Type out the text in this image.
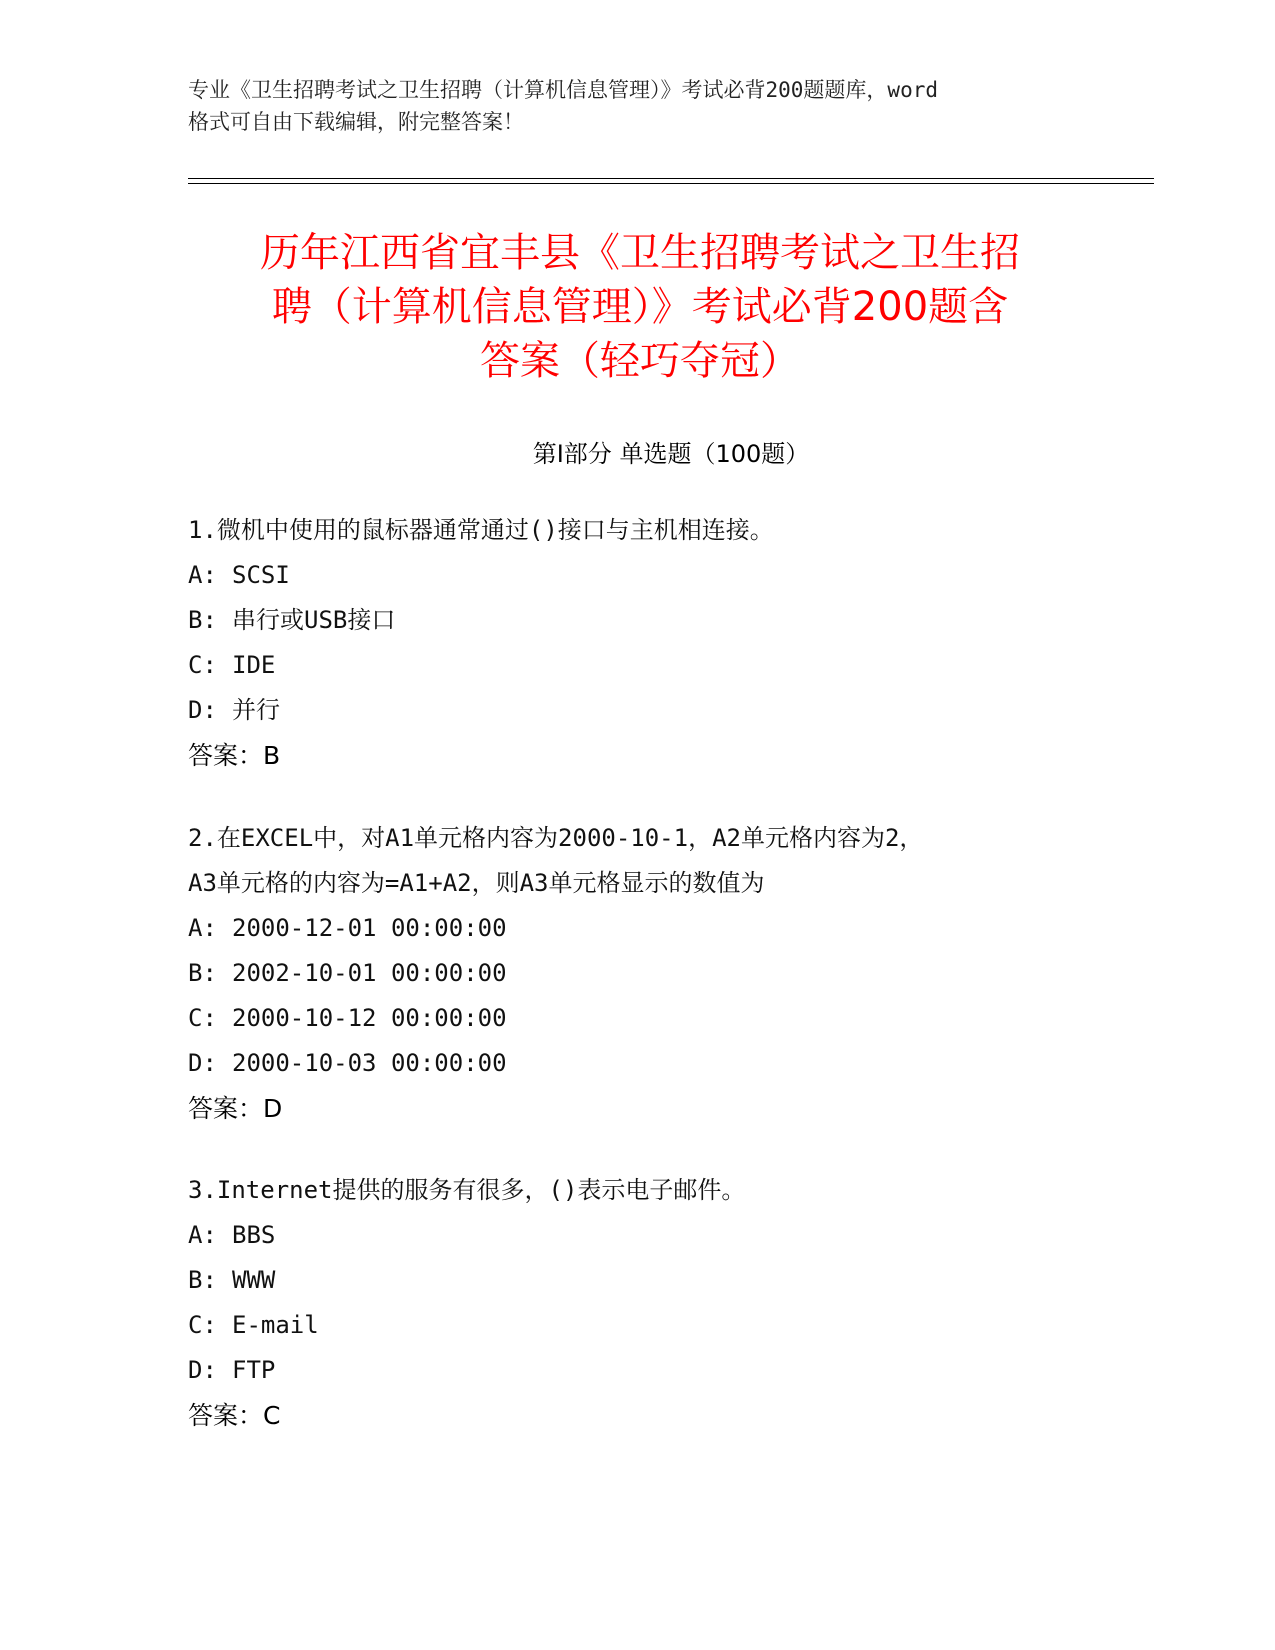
专业《卫生招聘考试之卫生招聘（计算机信息管理）》考试必背200题题库，word
格式可自由下载编辑，附完整答案！
历年江西省宜丰县《卫生招聘考试之卫生招
聘（计算机信息管理）》考试必背200题含
答案（轻巧夺冠）
第I部分 单选题（100题）

1.微机中使用的鼠标器通常通过()接口与主机相连接。

A: SCSI

B: 串行或USB接口

C: IDE

D: 并行

答案：B

2.在EXCEL中，对A1单元格内容为2000-10-1，A2单元格内容为2，

A3单元格的内容为=A1+A2，则A3单元格显示的数值为

A: 2000-12-01 00:00:00

B: 2002-10-01 00:00:00

C: 2000-10-12 00:00:00

D: 2000-10-03 00:00:00

答案：D

3.Internet提供的服务有很多，()表示电子邮件。

A: BBS

B: WWW

C: E-mail

D: FTP

答案：C
